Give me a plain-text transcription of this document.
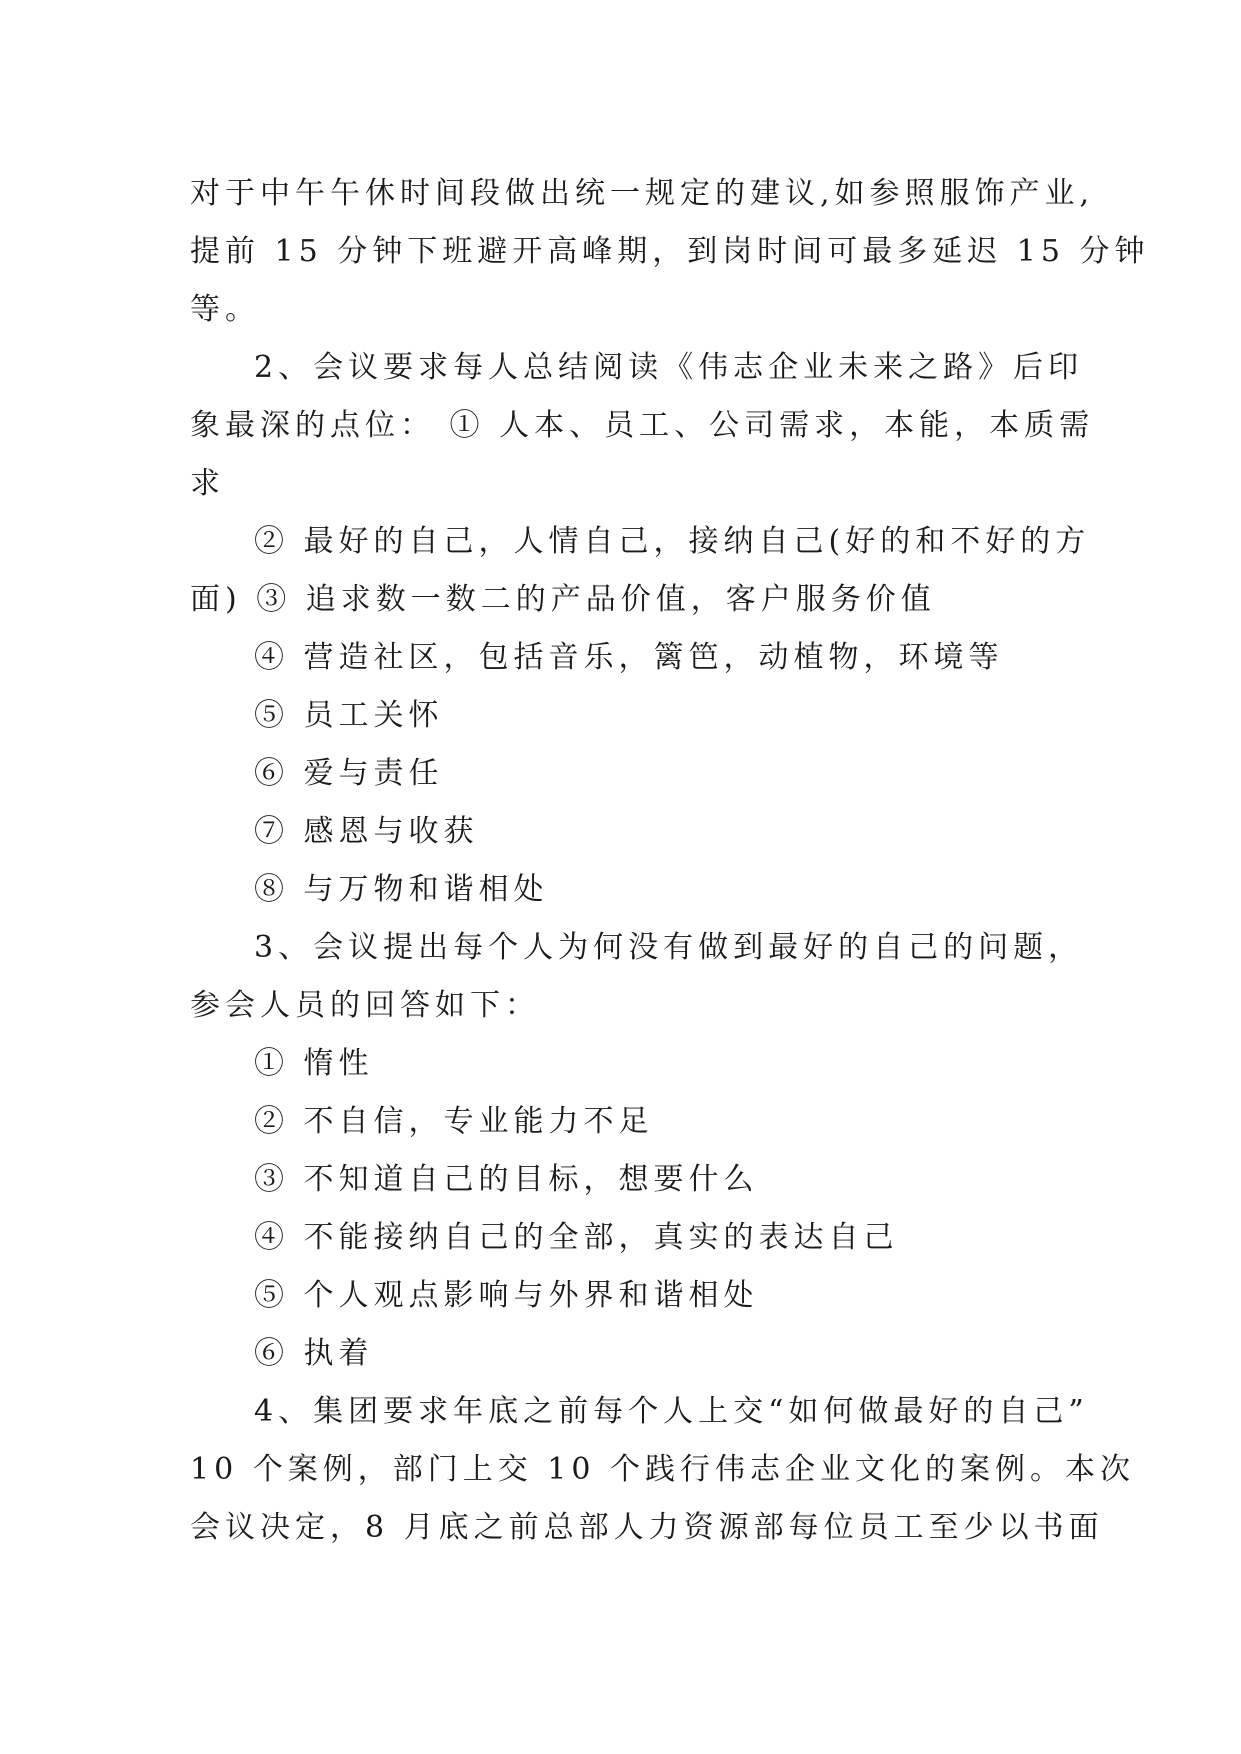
对于中午午休时间段做出统一规定的建议,如参照服饰产业,
提前 15 分钟下班避开高峰期，到岗时间可最多延迟 15 分钟
等。
2、会议要求每人总结阅读《伟志企业未来之路》后印
象最深的点位： ① 人本、员工、公司需求，本能，本质需
求
② 最好的自己，人情自己，接纳自己(好的和不好的方
面) ③ 追求数一数二的产品价值，客户服务价值
④ 营造社区，包括音乐，篱笆，动植物，环境等
⑤ 员工关怀
⑥ 爱与责任
⑦ 感恩与收获
⑧ 与万物和谐相处
3、会议提出每个人为何没有做到最好的自己的问题，
参会人员的回答如下：
① 惰性
② 不自信，专业能力不足
③ 不知道自己的目标，想要什么
④ 不能接纳自己的全部，真实的表达自己
⑤ 个人观点影响与外界和谐相处
⑥ 执着
4、集团要求年底之前每个人上交“如何做最好的自己”
10 个案例，部门上交 10 个践行伟志企业文化的案例。本次
会议决定，8 月底之前总部人力资源部每位员工至少以书面
